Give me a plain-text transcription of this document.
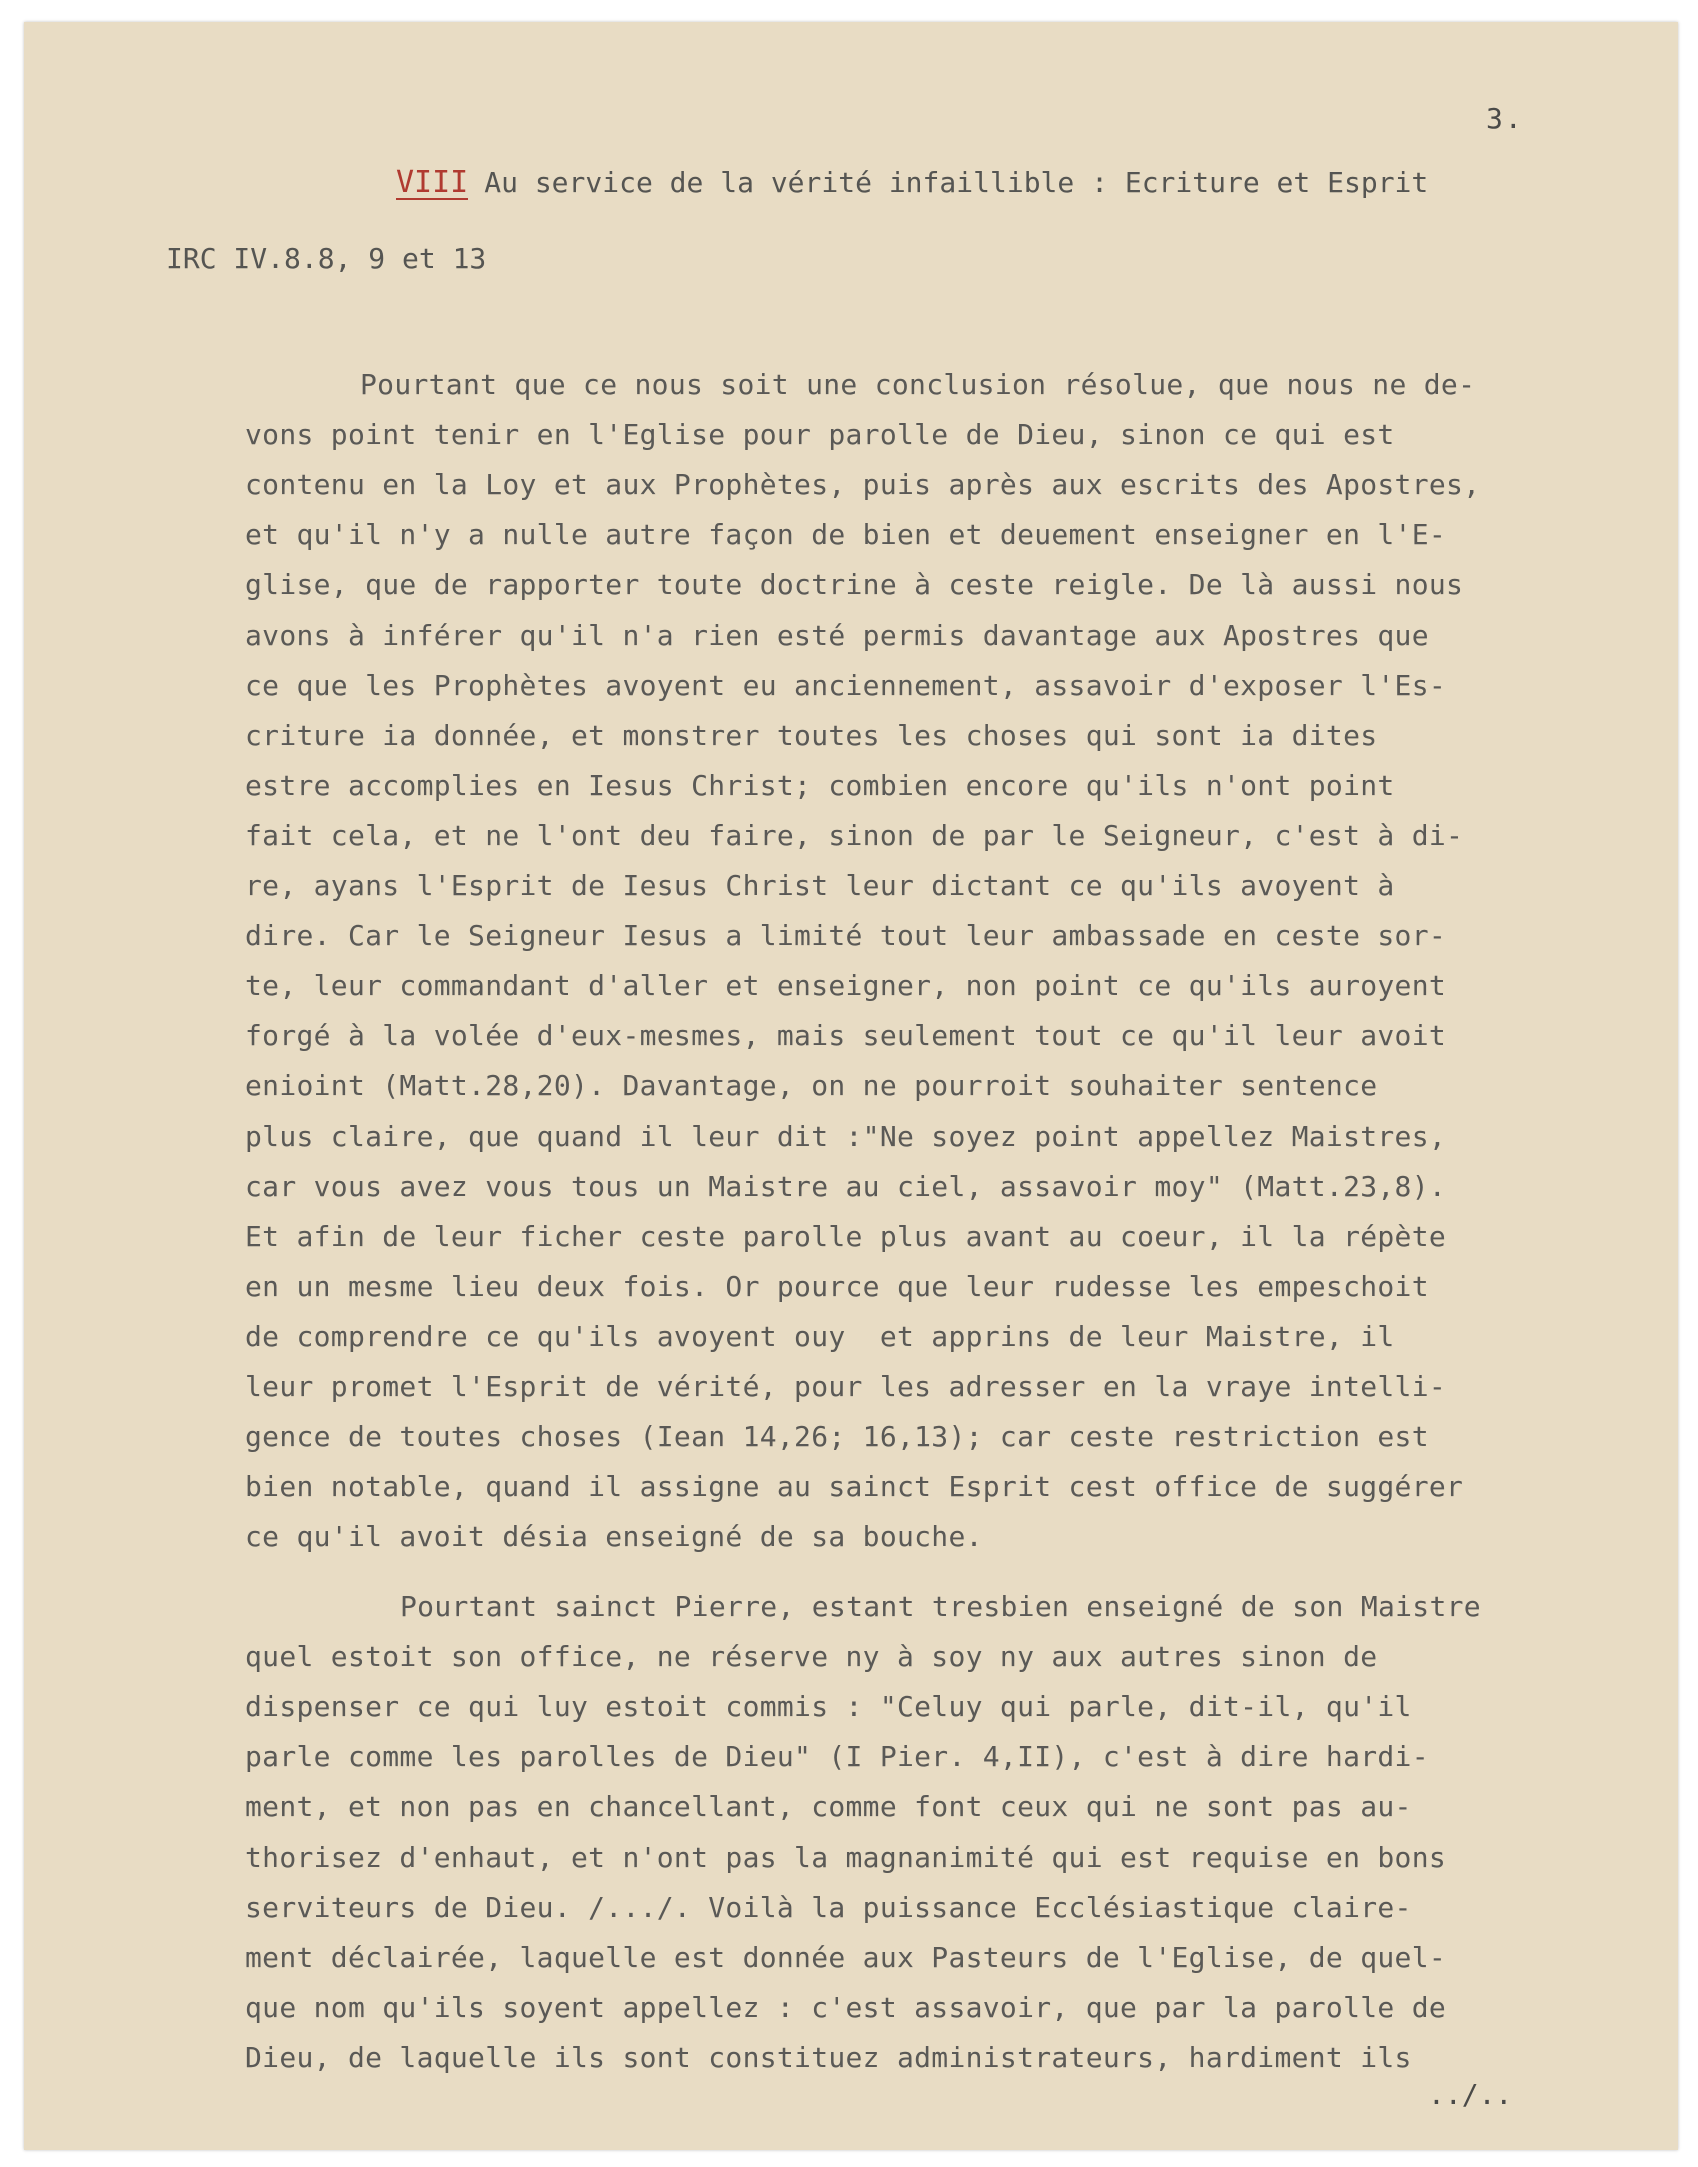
3.
VIII Au service de la vérité infaillible : Ecriture et Esprit
IRC IV.8.8, 9 et 13
Pourtant que ce nous soit une conclusion résolue, que nous ne de-
vons point tenir en l'Eglise pour parolle de Dieu, sinon ce qui est
contenu en la Loy et aux Prophètes, puis après aux escrits des Apostres,
et qu'il n'y a nulle autre façon de bien et deuement enseigner en l'E-
glise, que de rapporter toute doctrine à ceste reigle. De là aussi nous
avons à inférer qu'il n'a rien esté permis davantage aux Apostres que
ce que les Prophètes avoyent eu anciennement, assavoir d'exposer l'Es-
criture ia donnée, et monstrer toutes les choses qui sont ia dites
estre accomplies en Iesus Christ; combien encore qu'ils n'ont point
fait cela, et ne l'ont deu faire, sinon de par le Seigneur, c'est à di-
re, ayans l'Esprit de Iesus Christ leur dictant ce qu'ils avoyent à
dire. Car le Seigneur Iesus a limité tout leur ambassade en ceste sor-
te, leur commandant d'aller et enseigner, non point ce qu'ils auroyent
forgé à la volée d'eux-mesmes, mais seulement tout ce qu'il leur avoit
enioint (Matt.28,20). Davantage, on ne pourroit souhaiter sentence
plus claire, que quand il leur dit :"Ne soyez point appellez Maistres,
car vous avez vous tous un Maistre au ciel, assavoir moy" (Matt.23,8).
Et afin de leur ficher ceste parolle plus avant au coeur, il la répète
en un mesme lieu deux fois. Or pource que leur rudesse les empeschoit
de comprendre ce qu'ils avoyent ouy  et apprins de leur Maistre, il
leur promet l'Esprit de vérité, pour les adresser en la vraye intelli-
gence de toutes choses (Iean 14,26; 16,13); car ceste restriction est
bien notable, quand il assigne au sainct Esprit cest office de suggérer
ce qu'il avoit désia enseigné de sa bouche.
Pourtant sainct Pierre, estant tresbien enseigné de son Maistre
quel estoit son office, ne réserve ny à soy ny aux autres sinon de
dispenser ce qui luy estoit commis : "Celuy qui parle, dit-il, qu'il
parle comme les parolles de Dieu" (I Pier. 4,II), c'est à dire hardi-
ment, et non pas en chancellant, comme font ceux qui ne sont pas au-
thorisez d'enhaut, et n'ont pas la magnanimité qui est requise en bons
serviteurs de Dieu. /.../. Voilà la puissance Ecclésiastique claire-
ment déclairée, laquelle est donnée aux Pasteurs de l'Eglise, de quel-
que nom qu'ils soyent appellez : c'est assavoir, que par la parolle de
Dieu, de laquelle ils sont constituez administrateurs, hardiment ils
../..
